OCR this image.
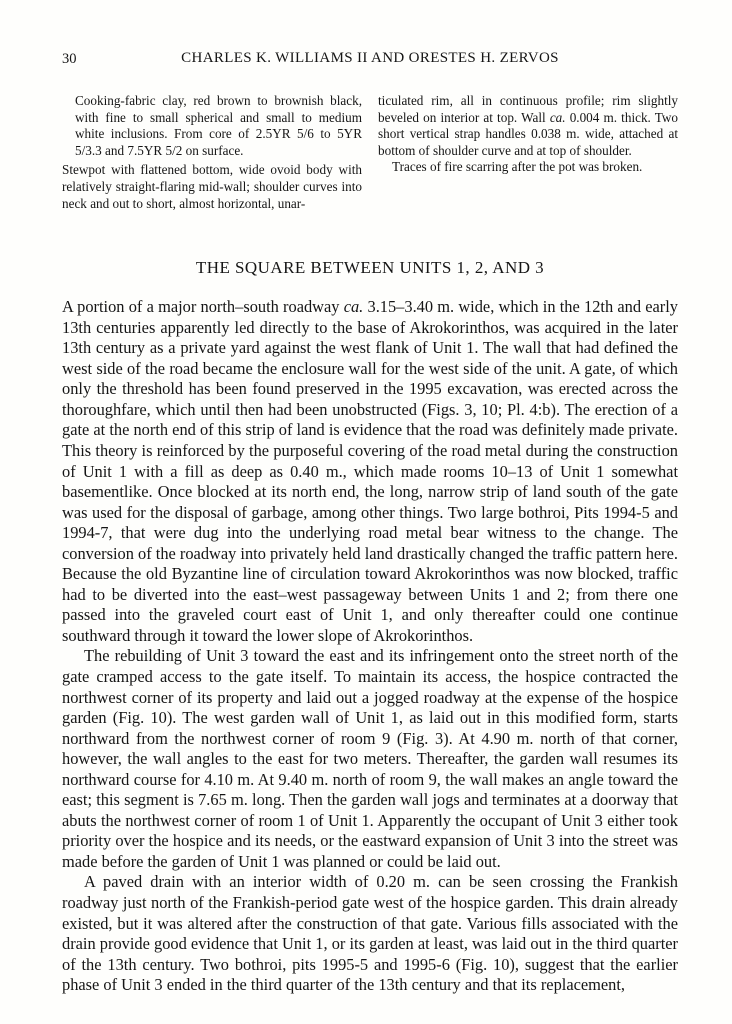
30	CHARLES K. WILLIAMS II AND ORESTES H. ZERVOS

Cooking-fabric clay, red brown to brownish black, with fine to small spherical and small to medium white inclusions. From core of 2.5YR 5/6 to 5YR 5/3.3 and 7.5YR 5/2 on surface.

Stewpot with flattened bottom, wide ovoid body with relatively straight-flaring mid-wall; shoulder curves into neck and out to short, almost horizontal, unar-

ticulated rim, all in continuous profile; rim slightly beveled on interior at top. Wall ca. 0.004 m. thick. Two short vertical strap handles 0.038 m. wide, attached at bottom of shoulder curve and at top of shoulder.

Traces of fire scarring after the pot was broken.

THE SQUARE BETWEEN UNITS 1, 2, AND 3

A portion of a major north–south roadway ca. 3.15–3.40 m. wide, which in the 12th and early 13th centuries apparently led directly to the base of Akrokorinthos, was acquired in the later 13th century as a private yard against the west flank of Unit 1. The wall that had defined the west side of the road became the enclosure wall for the west side of the unit. A gate, of which only the threshold has been found preserved in the 1995 excavation, was erected across the thoroughfare, which until then had been unobstructed (Figs. 3, 10; Pl. 4:b). The erection of a gate at the north end of this strip of land is evidence that the road was definitely made private. This theory is reinforced by the purposeful covering of the road metal during the construction of Unit 1 with a fill as deep as 0.40 m., which made rooms 10–13 of Unit 1 somewhat basementlike. Once blocked at its north end, the long, narrow strip of land south of the gate was used for the disposal of garbage, among other things. Two large bothroi, Pits 1994-5 and 1994-7, that were dug into the underlying road metal bear witness to the change. The conversion of the roadway into privately held land drastically changed the traffic pattern here. Because the old Byzantine line of circulation toward Akrokorinthos was now blocked, traffic had to be diverted into the east–west passageway between Units 1 and 2; from there one passed into the graveled court east of Unit 1, and only thereafter could one continue southward through it toward the lower slope of Akrokorinthos.

The rebuilding of Unit 3 toward the east and its infringement onto the street north of the gate cramped access to the gate itself. To maintain its access, the hospice contracted the northwest corner of its property and laid out a jogged roadway at the expense of the hospice garden (Fig. 10). The west garden wall of Unit 1, as laid out in this modified form, starts northward from the northwest corner of room 9 (Fig. 3). At 4.90 m. north of that corner, however, the wall angles to the east for two meters. Thereafter, the garden wall resumes its northward course for 4.10 m. At 9.40 m. north of room 9, the wall makes an angle toward the east; this segment is 7.65 m. long. Then the garden wall jogs and terminates at a doorway that abuts the northwest corner of room 1 of Unit 1. Apparently the occupant of Unit 3 either took priority over the hospice and its needs, or the eastward expansion of Unit 3 into the street was made before the garden of Unit 1 was planned or could be laid out.

A paved drain with an interior width of 0.20 m. can be seen crossing the Frankish roadway just north of the Frankish-period gate west of the hospice garden. This drain already existed, but it was altered after the construction of that gate. Various fills associated with the drain provide good evidence that Unit 1, or its garden at least, was laid out in the third quarter of the 13th century. Two bothroi, pits 1995-5 and 1995-6 (Fig. 10), suggest that the earlier phase of Unit 3 ended in the third quarter of the 13th century and that its replacement,
